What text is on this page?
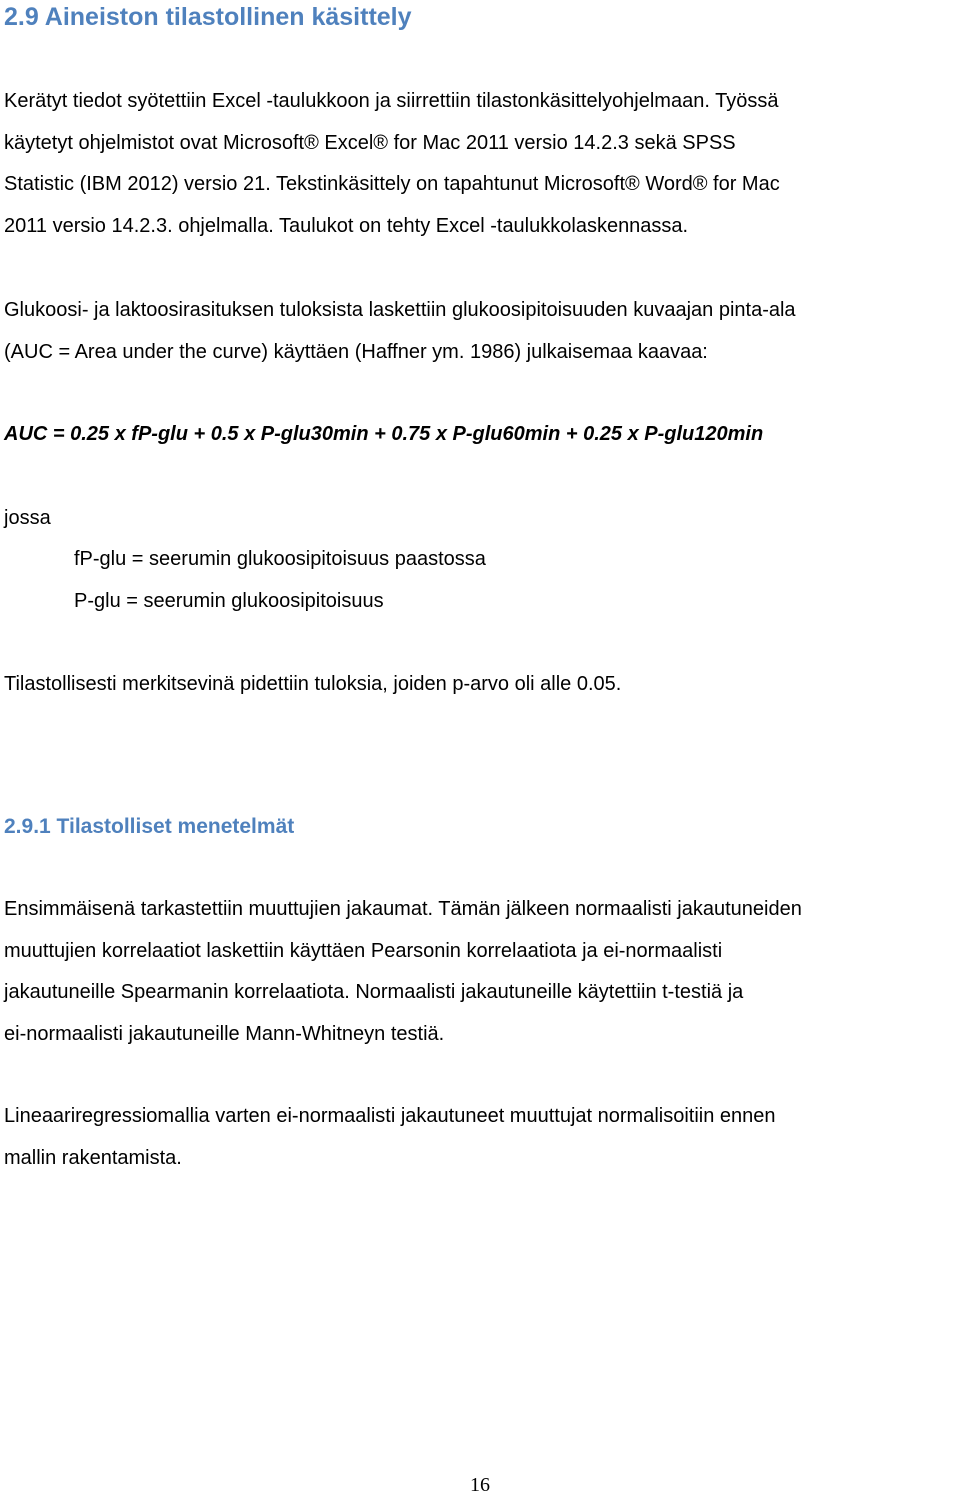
2.9 Aineiston tilastollinen käsittely

Kerätyt tiedot syötettiin Excel -taulukkoon ja siirrettiin tilastonkäsittelyohjelmaan. Työssä
käytetyt ohjelmistot ovat Microsoft® Excel® for Mac 2011 versio 14.2.3 sekä SPSS
Statistic (IBM 2012) versio 21. Tekstinkäsittely on tapahtunut Microsoft® Word® for Mac
2011 versio 14.2.3. ohjelmalla. Taulukot on tehty Excel -taulukkolaskennassa.

Glukoosi- ja laktoosirasituksen tuloksista laskettiin glukoosipitoisuuden kuvaajan pinta-ala
(AUC = Area under the curve) käyttäen (Haffner ym. 1986) julkaisemaa kaavaa:

AUC = 0.25 x fP-glu + 0.5 x P-glu30min + 0.75 x P-glu60min + 0.25 x P-glu120min

jossa

fP-glu = seerumin glukoosipitoisuus paastossa

P-glu = seerumin glukoosipitoisuus

Tilastollisesti merkitsevinä pidettiin tuloksia, joiden p-arvo oli alle 0.05.

2.9.1 Tilastolliset menetelmät

Ensimmäisenä tarkastettiin muuttujien jakaumat. Tämän jälkeen normaalisti jakautuneiden
muuttujien korrelaatiot laskettiin käyttäen Pearsonin korrelaatiota ja ei-normaalisti
jakautuneille Spearmanin korrelaatiota. Normaalisti jakautuneille käytettiin t-testiä ja
ei-normaalisti jakautuneille Mann-Whitneyn testiä.

Lineaariregressiomallia varten ei-normaalisti jakautuneet muuttujat normalisoitiin ennen
mallin rakentamista.

16
